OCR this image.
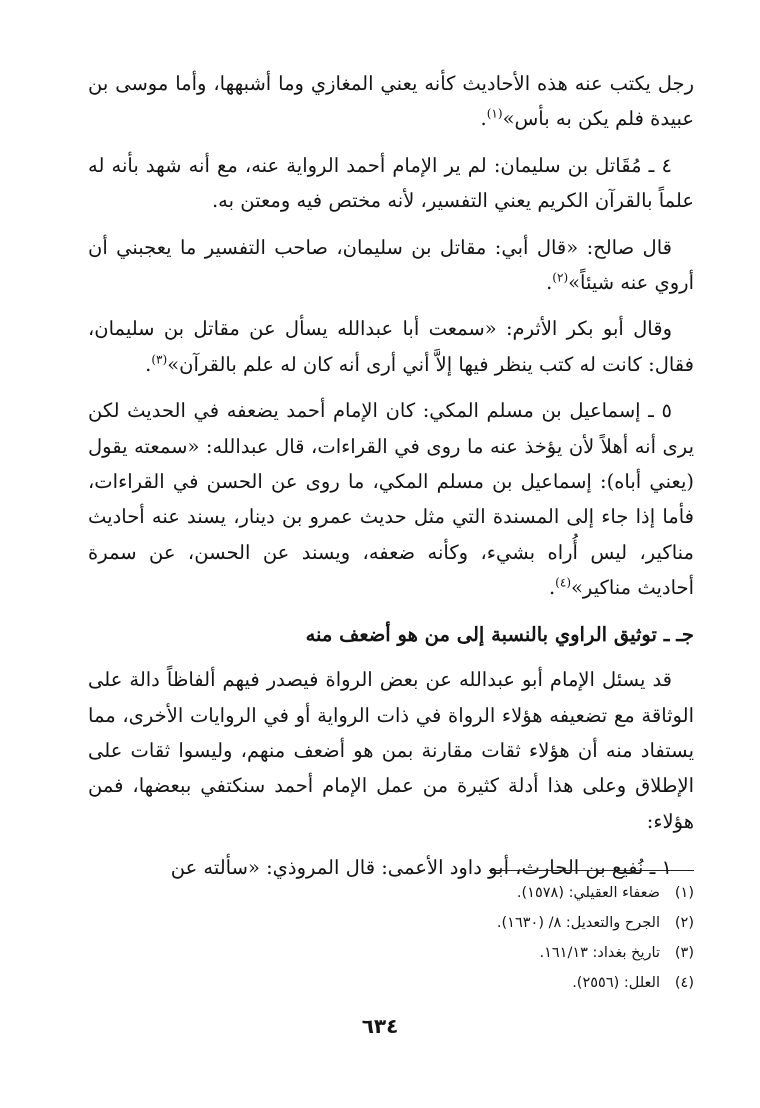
رجل يكتب عنه هذه الأحاديث كأنه يعني المغازي وما أشبهها، وأما موسى بن عبيدة فلم يكن به بأس»$^{(١)}$.

٤ ـ مُقَاتل بن سليمان: لم ير الإمام أحمد الرواية عنه، مع أنه شهد بأنه له علماً بالقرآن الكريم يعني التفسير، لأنه مختص فيه ومعتن به.

قال صالح: «قال أبي: مقاتل بن سليمان، صاحب التفسير ما يعجبني أن أروي عنه شيئاً»$^{(٢)}$.

وقال أبو بكر الأثرم: «سمعت أبا عبدالله يسأل عن مقاتل بن سليمان، فقال: كانت له كتب ينظر فيها إلاَّ أني أرى أنه كان له علم بالقرآن»$^{(٣)}$.

٥ ـ إسماعيل بن مسلم المكي: كان الإمام أحمد يضعفه في الحديث لكن يرى أنه أهلاً لأن يؤخذ عنه ما روى في القراءات، قال عبدالله: «سمعته يقول (يعني أباه): إسماعيل بن مسلم المكي، ما روى عن الحسن في القراءات، فأما إذا جاء إلى المسندة التي مثل حديث عمرو بن دينار، يسند عنه أحاديث مناكير، ليس أُراه بشيء، وكأنه ضعفه، ويسند عن الحسن، عن سمرة أحاديث مناكير»$^{(٤)}$.

جـ ـ توثيق الراوي بالنسبة إلى من هو أضعف منه

قد يسئل الإمام أبو عبدالله عن بعض الرواة فيصدر فيهم ألفاظاً دالة على الوثاقة مع تضعيفه هؤلاء الرواة في ذات الرواية أو في الروايات الأخرى، مما يستفاد منه أن هؤلاء ثقات مقارنة بمن هو أضعف منهم، وليسوا ثقات على الإطلاق وعلى هذا أدلة كثيرة من عمل الإمام أحمد سنكتفي ببعضها، فمن هؤلاء:

١ ـ نُفيع بن الحارث، أبو داود الأعمى: قال المروذي: «سألته عن

(١)ضعفاء العقيلي: (١٥٧٨).
(٢)الجرح والتعديل: ٨/ (١٦٣٠).
(٣)تاريخ بغداد: ١٦١/١٣.
(٤)العلل: (٢٥٥٦).
٦٣٤
